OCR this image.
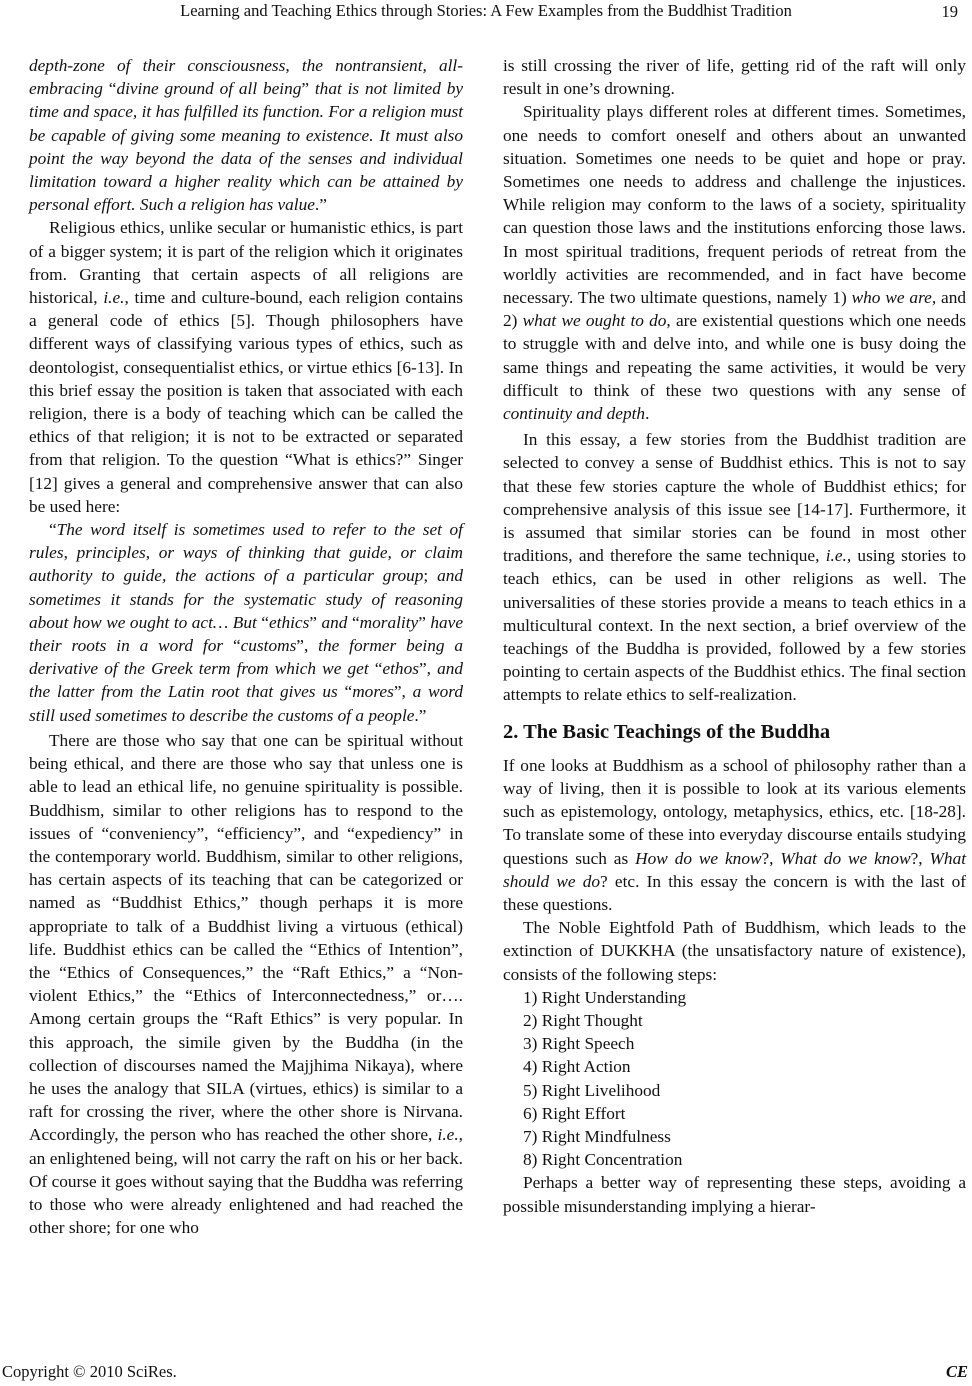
Learning and Teaching Ethics through Stories: A Few Examples from the Buddhist Tradition	19

depth-zone of their consciousness, the nontransient, all-embracing “divine ground of all being” that is not limited by time and space, it has fulfilled its function. For a religion must be capable of giving some meaning to existence. It must also point the way beyond the data of the senses and individual limitation toward a higher reality which can be attained by personal effort. Such a religion has value.”

Religious ethics, unlike secular or humanistic ethics, is part of a bigger system; it is part of the religion which it originates from. Granting that certain aspects of all religions are historical, i.e., time and culture-bound, each religion contains a general code of ethics [5]. Though philosophers have different ways of classifying various types of ethics, such as deontologist, consequentialist ethics, or virtue ethics [6-13]. In this brief essay the position is taken that associated with each religion, there is a body of teaching which can be called the ethics of that religion; it is not to be extracted or separated from that religion. To the question “What is ethics?” Singer [12] gives a general and comprehensive answer that can also be used here:

“The word itself is sometimes used to refer to the set of rules, principles, or ways of thinking that guide, or claim authority to guide, the actions of a particular group; and sometimes it stands for the systematic study of reasoning about how we ought to act… But “ethics” and “morality” have their roots in a word for “customs”, the former being a derivative of the Greek term from which we get “ethos”, and the latter from the Latin root that gives us “mores”, a word still used sometimes to describe the customs of a people.”

There are those who say that one can be spiritual without being ethical, and there are those who say that unless one is able to lead an ethical life, no genuine spirituality is possible. Buddhism, similar to other religions has to respond to the issues of “conveniency”, “efficiency”, and “expediency” in the contemporary world. Buddhism, similar to other religions, has certain aspects of its teaching that can be categorized or named as “Buddhist Ethics,” though perhaps it is more appropriate to talk of a Buddhist living a virtuous (ethical) life. Buddhist ethics can be called the “Ethics of Intention”, the “Ethics of Consequences,” the “Raft Ethics,” a “Non-violent Ethics,” the “Ethics of Interconnectedness,” or…. Among certain groups the “Raft Ethics” is very popular. In this approach, the simile given by the Buddha (in the collection of discourses named the Majjhima Nikaya), where he uses the analogy that SILA (virtues, ethics) is similar to a raft for crossing the river, where the other shore is Nirvana. Accordingly, the person who has reached the other shore, i.e., an enlightened being, will not carry the raft on his or her back. Of course it goes without saying that the Buddha was referring to those who were already enlightened and had reached the other shore; for one who

is still crossing the river of life, getting rid of the raft will only result in one’s drowning.

Spirituality plays different roles at different times. Sometimes, one needs to comfort oneself and others about an unwanted situation. Sometimes one needs to be quiet and hope or pray. Sometimes one needs to address and challenge the injustices. While religion may conform to the laws of a society, spirituality can question those laws and the institutions enforcing those laws. In most spiritual traditions, frequent periods of retreat from the worldly activities are recommended, and in fact have become necessary. The two ultimate questions, namely 1) who we are, and 2) what we ought to do, are existential questions which one needs to struggle with and delve into, and while one is busy doing the same things and repeating the same activities, it would be very difficult to think of these two questions with any sense of continuity and depth.

In this essay, a few stories from the Buddhist tradition are selected to convey a sense of Buddhist ethics. This is not to say that these few stories capture the whole of Buddhist ethics; for comprehensive analysis of this issue see [14-17]. Furthermore, it is assumed that similar stories can be found in most other traditions, and therefore the same technique, i.e., using stories to teach ethics, can be used in other religions as well. The universalities of these stories provide a means to teach ethics in a multicultural context. In the next section, a brief overview of the teachings of the Buddha is provided, followed by a few stories pointing to certain aspects of the Buddhist ethics. The final section attempts to relate ethics to self-realization.

2. The Basic Teachings of the Buddha

If one looks at Buddhism as a school of philosophy rather than a way of living, then it is possible to look at its various elements such as epistemology, ontology, metaphysics, ethics, etc. [18-28]. To translate some of these into everyday discourse entails studying questions such as How do we know?, What do we know?, What should we do? etc. In this essay the concern is with the last of these questions.

The Noble Eightfold Path of Buddhism, which leads to the extinction of DUKKHA (the unsatisfactory nature of existence), consists of the following steps:

1) Right Understanding
2) Right Thought
3) Right Speech
4) Right Action
5) Right Livelihood
6) Right Effort
7) Right Mindfulness
8) Right Concentration

Perhaps a better way of representing these steps, avoiding a possible misunderstanding implying a hierar-

Copyright © 2010 SciRes.	CE
